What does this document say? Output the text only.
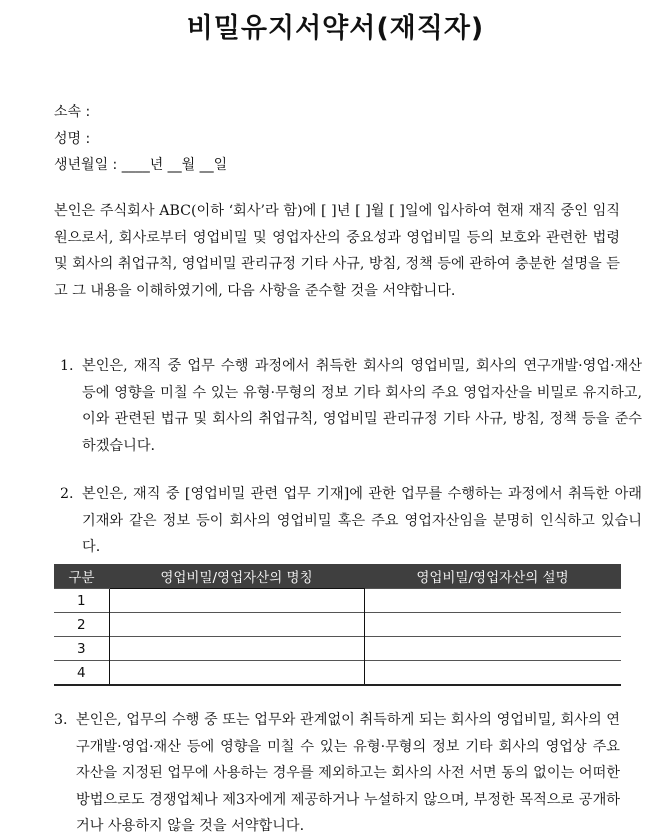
비밀유지서약서(재직자)
소속 :
성명 :
생년월일 : ____년 __월 __일
본인은 주식회사 ABC(이하 ‘회사’라 함)에 [ ]년 [ ]월 [ ]일에 입사하여 현재 재직 중인 임직원으로서, 회사로부터 영업비밀 및 영업자산의 중요성과 영업비밀 등의 보호와 관련한 법령 및 회사의 취업규칙, 영업비밀 관리규정 기타 사규, 방침, 정책 등에 관하여 충분한 설명을 듣고 그 내용을 이해하였기에, 다음 사항을 준수할 것을 서약합니다.
1. 본인은, 재직 중 업무 수행 과정에서 취득한 회사의 영업비밀, 회사의 연구개발·영업·재산 등에 영향을 미칠 수 있는 유형·무형의 정보 기타 회사의 주요 영업자산을 비밀로 유지하고, 이와 관련된 법규 및 회사의 취업규칙, 영업비밀 관리규정 기타 사규, 방침, 정책 등을 준수하겠습니다.
2. 본인은, 재직 중 [영업비밀 관련 업무 기재]에 관한 업무를 수행하는 과정에서 취득한 아래 기재와 같은 정보 등이 회사의 영업비밀 혹은 주요 영업자산임을 분명히 인식하고 있습니다.
구분	영업비밀/영업자산의 명칭	영업비밀/영업자산의 설명
1		
2		
3		
4		
3. 본인은, 업무의 수행 중 또는 업무와 관계없이 취득하게 되는 회사의 영업비밀, 회사의 연구개발·영업·재산 등에 영향을 미칠 수 있는 유형·무형의 정보 기타 회사의 영업상 주요 자산을 지정된 업무에 사용하는 경우를 제외하고는 회사의 사전 서면 동의 없이는 어떠한 방법으로도 경쟁업체나 제3자에게 제공하거나 누설하지 않으며, 부정한 목적으로 공개하거나 사용하지 않을 것을 서약합니다.
